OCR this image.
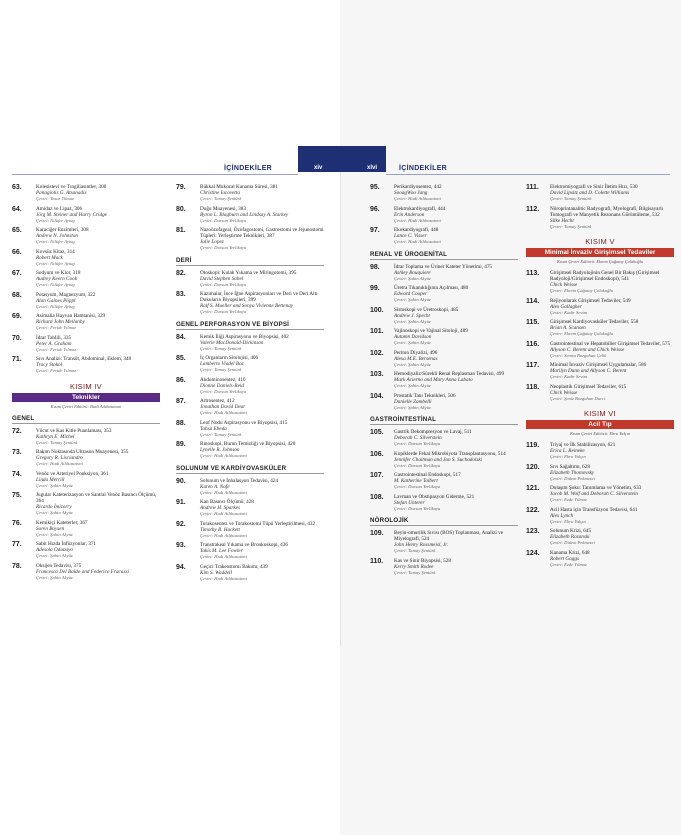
İÇİNDEKİLER	xiv	xlvi	İÇİNDEKİLER
63.	Kolesistevi ve Tıngiliasıntler, 300
Panagiotis G. Atsanadis
Çeviri: Yasar Yilmaz
64.	Amidaz ve Lipaz, 306
Jörg M. Steiner and Harry Cridge
Çeviri: Nilüfer Aytug
65.	Karaciğer Enzimleri, 308
Andrew N. Johnston
Çeviri: Nilüfer Aytug
66.	Kovsüz Kitaz, 314
Robert Mack
Çeviri: Nilüfer Aytug
67.	Sodyum ve Klor, 318
Audrey Keern Cook
Çeviri: Nilüfer Aytug
68.	Potasyum, Magnezyum, 322
Alan Gaines Pöppl
Çeviri: Nilüfer Aytug
69.	Asimalia Hayvan Hamtanisi, 329
Richard John Mellanby
Çeviri: Feride Yılmaz
70.	İdrar Tahlili, 335
Peter A. Graham
Çeviri: Feride Yılmaz
71.	Sıvı Analizi: Transüt, Abdominal, Eklem, 348
Tracy Stokol
Çeviri: Feride Yılmaz
KISIM IV
Teknikler
Kısım Çeviri Editörü: Hadi Atlıhasatoni
GENEL
72.	Vücut ve Kas Kitle Puanlaması, 353
Kathryn E. Michel
Çeviri: Tamay Şentürk
73.	Bakım Noktasında Ultrason Muayenesi, 355
Gregory R. Lisciandro
Çeviri: Hadi Atlıhasatoni
74.	Venöz ve Arteriyel Ponksiyon, 361
Linda Merrill
Çeviri: Şahin Akyüz
75.	Jugular Kateterizasyon ve Santral Venöz Basıncı Ölçümü, 364
Ricardo İmizorry
Çeviri: Şahin Akyüz
76.	Kemikiçi Kateterler, 367
Soren Boysen
Çeviri: Şahin Akyüz
77.	Sabit Hızda İnfüzyonlar, 371
Adesola Odunayo
Çeviri: Şahin Akyüz
78.	Oksijen Tedavisi, 375
Francesca Del Baldo and Federico Fracassi
Çeviri: Şahin Akyüz
79.	Bükkal Mukozal Kanama Süresi, 381
Christine Iacovetta
Çeviri: Tamay Şentürk
80.	Doğu Muayenesi, 383
Byron L. Blagburn and Lindsay A. Starkey
Çeviri: Dursun Yerlikaya
81.	Nazoözofageal, Özofagostomi, Gastrostomi ve Jejunostomi Tüpleri: Yerleştirme Teknikleri, 387
Julie Lopez
Çeviri: Dursun Yerlikaya
DERİ
82.	Otoskopi: Kulak Yıkama ve Miringotomi, 395
David Stephen Sobel
Çeviri: Dursun Yerlikaya
83.	Kazımalar, İnce İğne Aspirasyonları ve Deri ve Deri Altı Dokuların Biyopsileri, 399
Ralf S. Mueller and Sonya Vivienne Bettenay
Çeviri: Dursun Yerlikaya
GENEL PERFORASYON VE BİYOPSİ
84.	Kemik İliği Aspirasyonu ve Biyopsisi, 402
Valerie MacDonald-Dickinson
Çeviri: Tamay Şentürk
85.	İç Organların Sitolojisi, 406
Lamberto Viadel Boz
Çeviri: Tamay Şentürk
86.	Abdominosentez, 410
Dionne Daniels-Reid
Çeviri: Dursun Yerlikaya
87.	Artrosentez, 412
Jonathan David Dear
Çeviri: Hadi Atlıhasatoni
88.	Lenf Nodu Aspirasyonu ve Biyopsisi, 415
Tahsa Ebeda
Çeviri: Tamay Şentürk
89.	Rinoskopi, Burun Temizliği ve Biyopsisi, 420
Lynelle R. Johnson
Çeviri: Hadi Atlıhasatoni
SOLUNUM VE KARDİYOVASKÜLER
90.	Solunum ve İnhalasyon Tedavisi, 424
Karen A. Nafe
Çeviri: Hadi Atlıhasatoni
91.	Kan Basıncı Ölçümü, 428
Andrew H. Sparkes
Çeviri: Hadi Atlıhasatoni
92.	Torakosentez ve Torakostomi Tüpü Yerleştirilmesi, 432
Timothy B. Hackett
Çeviri: Hadi Atlıhasatoni
93.	Transtrakeal Yıkama ve Bronkoskopi, 436
Takis M. Lee Fowler
Çeviri: Hadi Atlıhasatoni
94.	Geçici Trakeostomi Bakımı, 439
Kim S. Waddell
Çeviri: Hadi Atlıhasatoni
95.	Perikardiyosentez, 442
SooagWoo Jang
Çeviri: Hadi Atlıhasatoni
96.	Elektrokardiyografi, 444
Erin Anderson
Çeviri: Hadi Atlıhasatoni
97.	Ekokardiyografi, 448
Lance C. Visser
Çeviri: Hadi Atlıhasatoni
RENAL VE ÜROGENİTAL
98.	İdrar Toplama ve Üriner Kateter Yönetimi, 475
Ashley Bouquiere
Çeviri: Şahin Akyüz
99.	Üretra Tıkanıklığının Açılması, 480
Edward Cooper
Çeviri: Şahin Akyüz
100. Sistoskopi ve Üretroskopi, 485
Andrew J. Specht
Çeviri: Şahin Akyüz
101. Vajinoskopi ve Vajinal Sitoloji, 489
Autumn Davidson
Çeviri: Şahin Akyüz
102. Periton Diyalizi, 496
Alexa M.E. Bersenas
Çeviri: Şahin Akyüz
103. Hemodiyaliz/Sürekli Renal Replasman Tedavisi, 499
Mark Acierno and Mary Anna Labato
Çeviri: Şahin Akyüz
104. Prostatik Tanı Teknikleri, 506
Danielle Zambelli
Çeviri: Şahin Akyüz
GASTROİNTESTİNAL
105. Gastrik Dekompresyon ve Lavaj, 511
Deborah C. Silverstein
Çeviri: Dursun Yerlikaya
106. Kopiklerde Fekal Mikrobiyota Transplantasyonu, 514
Jennifer Chaitman and Jan S. Suchodolski
Çeviri: Dursun Yerlikaya
107. Gastrointestinal Endoskopi, 517
M. Katherine Tolbert
Çeviri: Dursun Yerlikaya
108. Lavman ve Obstipasyon Giderme, 521
Stefan Unterer
Çeviri: Dursun Yerlikaya
NÖROLOJİK
109. Beyin-omurilik Sıvısı (BOS) Toplanması, Analizi ve Miyelografi, 524
John Henry Rossmeisl, Jr.
Çeviri: Tamay Şentürk
110. Kas ve Sinir Biyopsisi, 528
Kerry Smith Rodee
Çeviri: Tamay Şentürk
111. Elektromiyografi ve Sinir İletim Hızı, 530
David Lipsitz and D. Colette Williams
Çeviri: Tamay Şentürk
112. Nöroprintanalitic Radyografi, Myelografi, Bilgisayarlı Tomografi ve Manyetik Rezonans Görüntüleme, 532
Silke Hecht
Çeviri: Tamay Şentürk
KISIM V
Minimal İnvaziv Girişimsel Tedaviler
Kısım Çeviri Editörü: Ekrem Çağatay Çolakoğlu
113. Girişimsel Radyolojinin Genel Bir Bakış (Girişimsel Radyoloji/Girişimsel Endoskopi), 541
Chick Weisse
Çeviri: Ekrem Çağatay Çolakoğlu
114. Rejiyonlarak Girişimsel Tedaviler, 549
Alex Gallagher
Çeviri: Kadir Sevim
115. Girişimsel Kardiyovasküler Tedaviler, 558
Brian A. Scansen
Çeviri: Ekrem Çağatay Çolakoğlu
116. Gastrointestinal ve Hepatobilier Girişimsel Tedaviler, 575
Allyson C. Berent and Chick Weisse
Çeviri: Semra Bozgahan Çelik
117. Minimal İnvaziv Girişimsel Uygulamalar, 586
Marilyn Dunn and Allyson C. Berent
Çeviri: Kadir Sevim
118. Neoplastik Girişimsel Tedaviler, 615
Chick Weisse
Çeviri: Şeniz Bozgahan Durci
KISIM VI
Acil Tıp
Kısım Çeviri Editörü: Ebru Yalçın
119. Triyaj ve İlk Stabilizasyon, 621
Erica L. Reineke
Çeviri: Ebru Yalçın
120. Sıvı Sağaltımı, 628
Elizabeth Thomovsky
Çeviri: Didem Pekmezci
121. Dolaşım Şoku: Tanımlama ve Yönetim, 633
Jacob M. Wolf and Deborah C. Silverstein
Çeviri: Ezde Yılmaz
122. Acil Hasta için Transfüzyon Tedavisi, 641
Alex Lynch
Çeviri: Ebru Yalçın
123. Solunum Krizi, 645
Elizabeth Rozanski
Çeviri: Didem Pekmezci
124. Kanama Krizi, 648
Robert Goggs
Çeviri: Ezde Yılmaz
